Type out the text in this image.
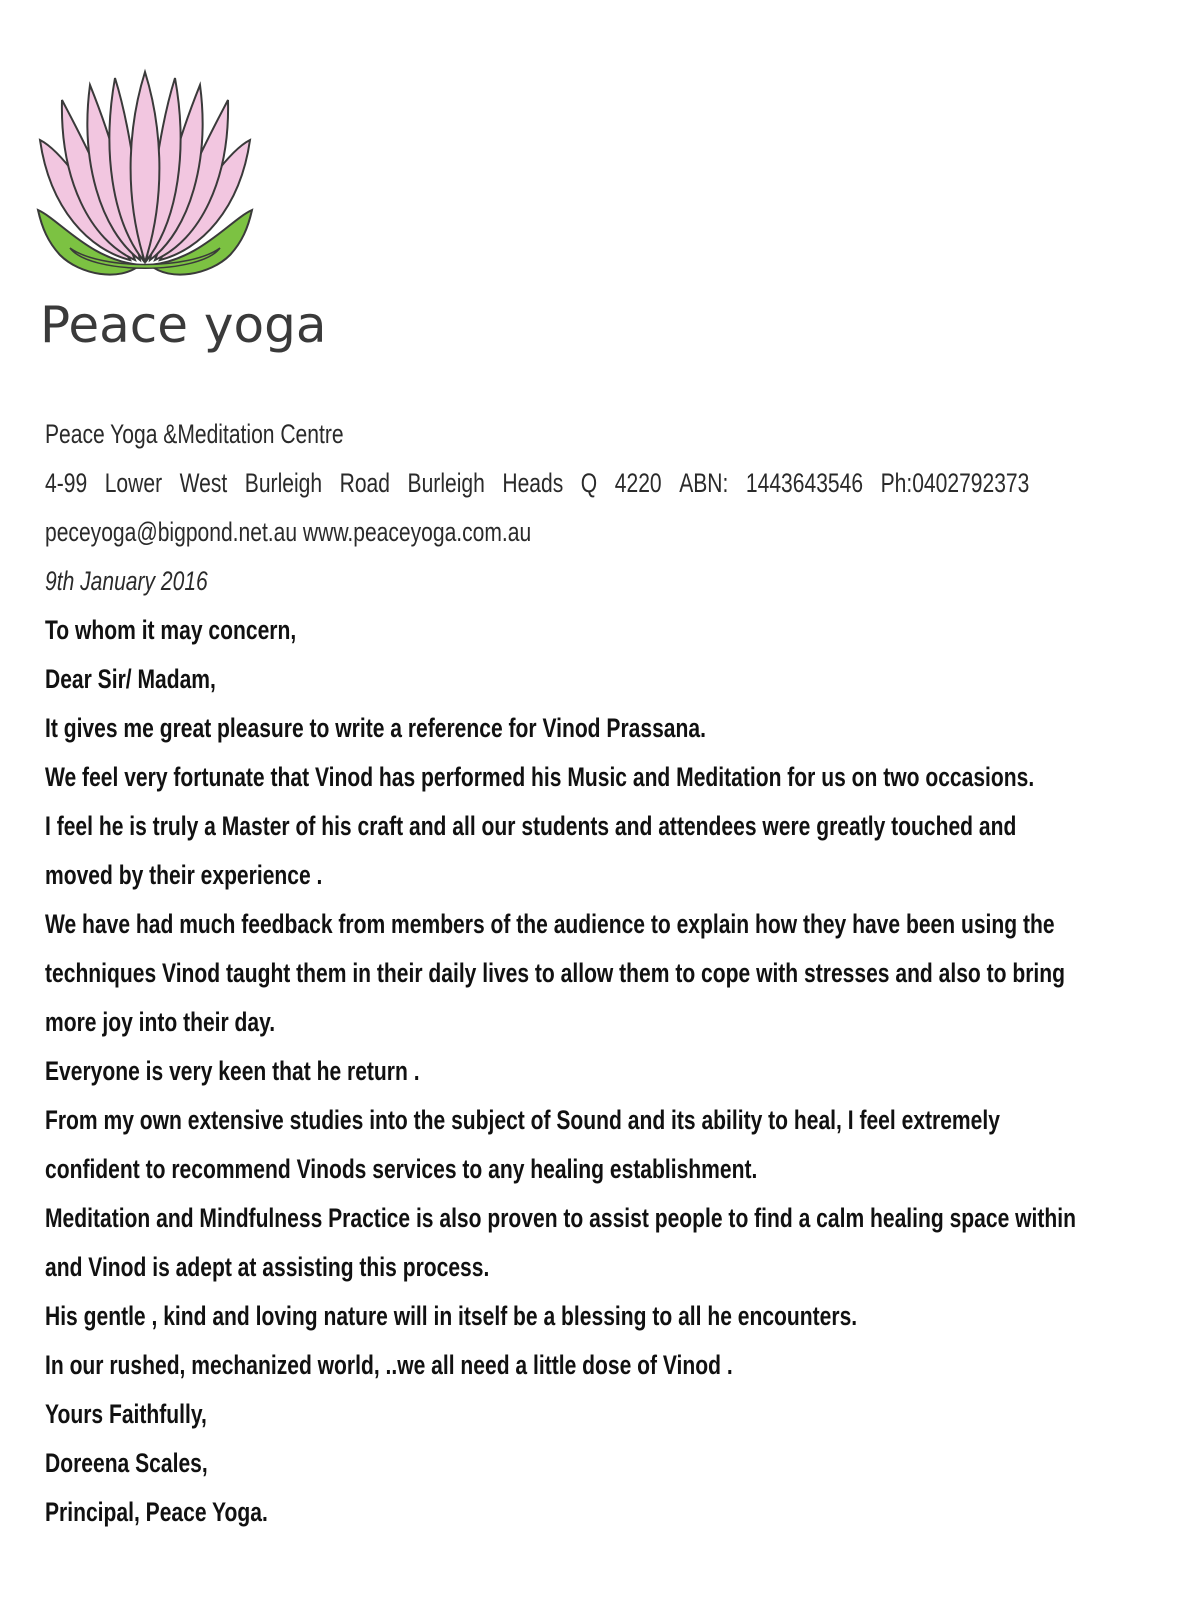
Peace yoga
Peace Yoga &Meditation Centre
4-99 Lower West Burleigh Road Burleigh Heads Q 4220 ABN: 1443643546 Ph:0402792373
peceyoga@bigpond.net.au www.peaceyoga.com.au
9th January 2016
To whom it may concern,
Dear Sir/ Madam,
It gives me great pleasure to write a reference for Vinod Prassana.
We feel very fortunate that Vinod has performed his Music and Meditation for us on two occasions.
I feel he is truly a Master of his craft and all our students and attendees were greatly touched and
moved by their experience .
We have had much feedback from members of the audience to explain how they have been using the
techniques Vinod taught them in their daily lives to allow them to cope with stresses and also to bring
more joy into their day.
Everyone is very keen that he return .
From my own extensive studies into the subject of Sound and its ability to heal, I feel extremely
confident to recommend Vinods services to any healing establishment.
Meditation and Mindfulness Practice is also proven to assist people to find a calm healing space within
and Vinod is adept at assisting this process.
His gentle , kind and loving nature will in itself be a blessing to all he encounters.
In our rushed, mechanized world, ..we all need a little dose of Vinod .
Yours Faithfully,
Doreena Scales,
Principal, Peace Yoga.
